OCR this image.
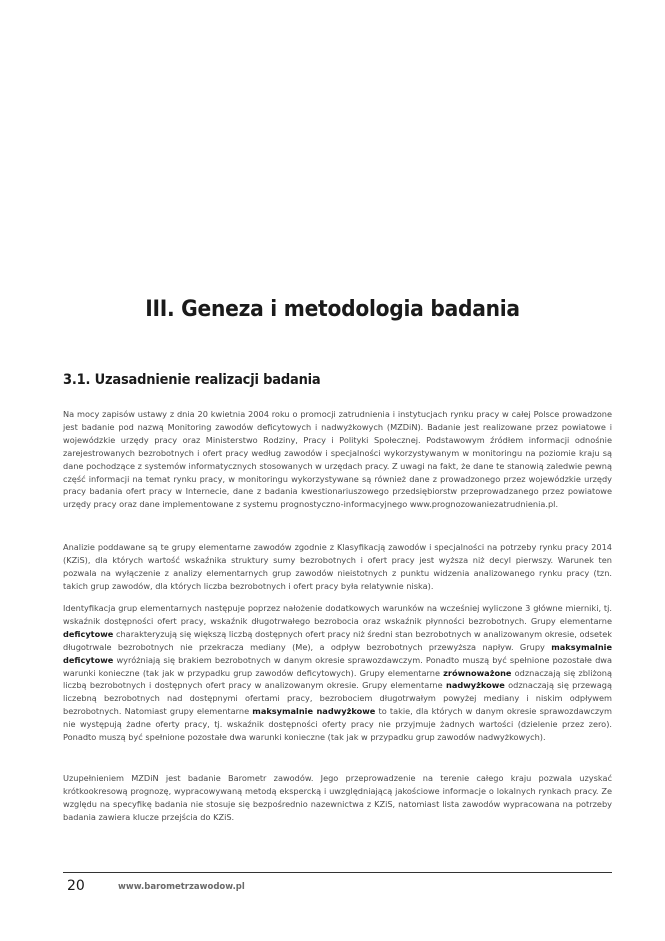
III. Geneza i metodologia badania
3.1. Uzasadnienie realizacji badania

Na mocy zapisów ustawy z dnia 20 kwietnia 2004 roku o promocji zatrudnienia i instytucjach rynku pracy w całej Polsce prowadzone jest badanie pod nazwą Monitoring zawodów deficytowych i nadwyżkowych (MZDiN). Badanie jest realizowane przez powiatowe i wojewódzkie urzędy pracy oraz Ministerstwo Rodziny, Pracy i Polityki Społecznej. Podstawowym źródłem informacji odnośnie zarejestrowanych bezrobotnych i ofert pracy według zawodów i specjalności wykorzystywanym w monitoringu na poziomie kraju są dane pochodzące z systemów informatycznych stosowanych w urzędach pracy. Z uwagi na fakt, że dane te stanowią zaledwie pewną część informacji na temat rynku pracy, w monitoringu wykorzystywane są również dane z prowadzonego przez wojewódzkie urzędy pracy badania ofert pracy w Internecie, dane z badania kwestionariuszowego przedsiębiorstw przeprowadzanego przez powiatowe urzędy pracy oraz dane implementowane z systemu prognostyczno-informacyjnego www.prognozowaniezatrudnienia.pl.

Analizie poddawane są te grupy elementarne zawodów zgodnie z Klasyfikacją zawodów i specjalności na potrzeby rynku pracy 2014 (KZiS), dla których wartość wskaźnika struktury sumy bezrobotnych i ofert pracy jest wyższa niż decyl pierwszy. Warunek ten pozwala na wyłączenie z analizy elementarnych grup zawodów nieistotnych z punktu widzenia analizowanego rynku pracy (tzn. takich grup zawodów, dla których liczba bezrobotnych i ofert pracy była relatywnie niska).

Identyfikacja grup elementarnych następuje poprzez nałożenie dodatkowych warunków na wcześniej wyliczone 3 główne mierniki, tj. wskaźnik dostępności ofert pracy, wskaźnik długotrwałego bezrobocia oraz wskaźnik płynności bezrobotnych. Grupy elementarne deficytowe charakteryzują się większą liczbą dostępnych ofert pracy niż średni stan bezrobotnych w analizowanym okresie, odsetek długotrwale bezrobotnych nie przekracza mediany (Me), a odpływ bezrobotnych przewyższa napływ. Grupy maksymalnie deficytowe wyróżniają się brakiem bezrobotnych w danym okresie sprawozdawczym. Ponadto muszą być spełnione pozostałe dwa warunki konieczne (tak jak w przypadku grup zawodów deficytowych). Grupy elementarne zrównoważone odznaczają się zbliżoną liczbą bezrobotnych i dostępnych ofert pracy w analizowanym okresie. Grupy elementarne nadwyżkowe odznaczają się przewagą liczebną bezrobotnych nad dostępnymi ofertami pracy, bezrobociem długotrwałym powyżej mediany i niskim odpływem bezrobotnych. Natomiast grupy elementarne maksymalnie nadwyżkowe to takie, dla których w danym okresie sprawozdawczym nie występują żadne oferty pracy, tj. wskaźnik dostępności oferty pracy nie przyjmuje żadnych wartości (dzielenie przez zero). Ponadto muszą być spełnione pozostałe dwa warunki konieczne (tak jak w przypadku grup zawodów nadwyżkowych).

Uzupełnieniem MZDiN jest badanie Barometr zawodów. Jego przeprowadzenie na terenie całego kraju pozwala uzyskać krótkookresową prognozę, wypracowywaną metodą ekspercką i uwzględniającą jakościowe informacje o lokalnych rynkach pracy. Ze względu na specyfikę badania nie stosuje się bezpośrednio nazewnictwa z KZiS, natomiast lista zawodów wypracowana na potrzeby badania zawiera klucze przejścia do KZiS.

20	www.barometrzawodow.pl
